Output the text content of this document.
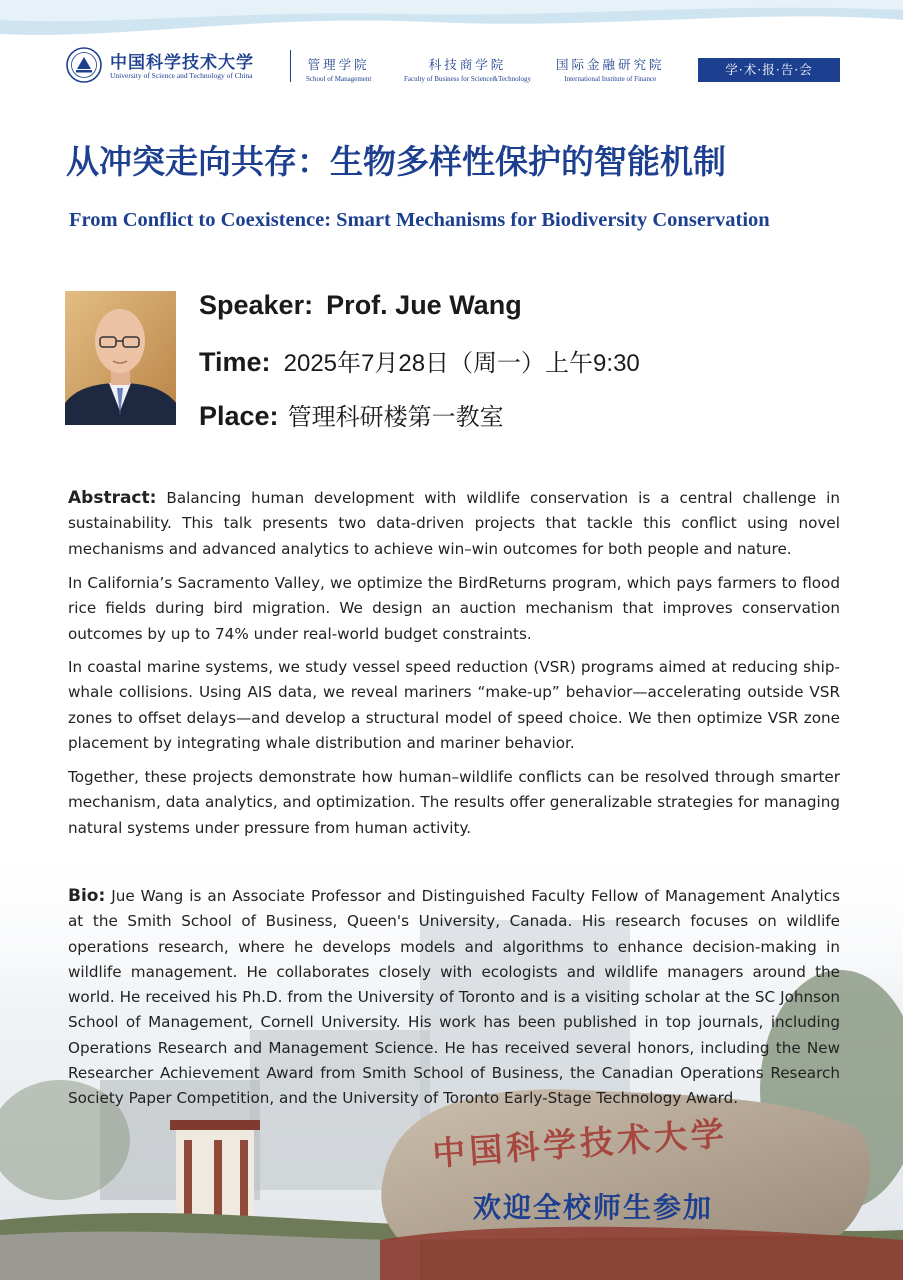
中国科学技术大学
University of Science and Technology of China
管理学院
School of Management
科技商学院
Faculty of Business for Science&Technology
国际金融研究院
International Institute of Finance
学·术·报·告·会
从冲突走向共存：生物多样性保护的智能机制
From Conflict to Coexistence: Smart Mechanisms for Biodiversity Conservation
Speaker: Prof. Jue Wang
Time: 2025年7月28日（周一）上午9:30
Place: 管理科研楼第一教室
中国科学技术大学
欢迎全校师生参加

Abstract: Balancing human development with wildlife conservation is a central challenge in sustainability. This talk presents two data-driven projects that tackle this conflict using novel mechanisms and advanced analytics to achieve win–win outcomes for both people and nature.

In California’s Sacramento Valley, we optimize the BirdReturns program, which pays farmers to flood rice fields during bird migration. We design an auction mechanism that improves conservation outcomes by up to 74% under real-world budget constraints.

In coastal marine systems, we study vessel speed reduction (VSR) programs aimed at reducing ship-whale collisions. Using AIS data, we reveal mariners “make-up” behavior—accelerating outside VSR zones to offset delays—and develop a structural model of speed choice. We then optimize VSR zone placement by integrating whale distribution and mariner behavior.

Together, these projects demonstrate how human–wildlife conflicts can be resolved through smarter mechanism, data analytics, and optimization. The results offer generalizable strategies for managing natural systems under pressure from human activity.

Bio: Jue Wang is an Associate Professor and Distinguished Faculty Fellow of Management Analytics at the Smith School of Business, Queen's University, Canada. His research focuses on wildlife operations research, where he develops models and algorithms to enhance decision-making in wildlife management. He collaborates closely with ecologists and wildlife managers around the world. He received his Ph.D. from the University of Toronto and is a visiting scholar at the SC Johnson School of Management, Cornell University. His work has been published in top journals, including Operations Research and Management Science. He has received several honors, including the New Researcher Achievement Award from Smith School of Business, the Canadian Operations Research Society Paper Competition, and the University of Toronto Early-Stage Technology Award.
